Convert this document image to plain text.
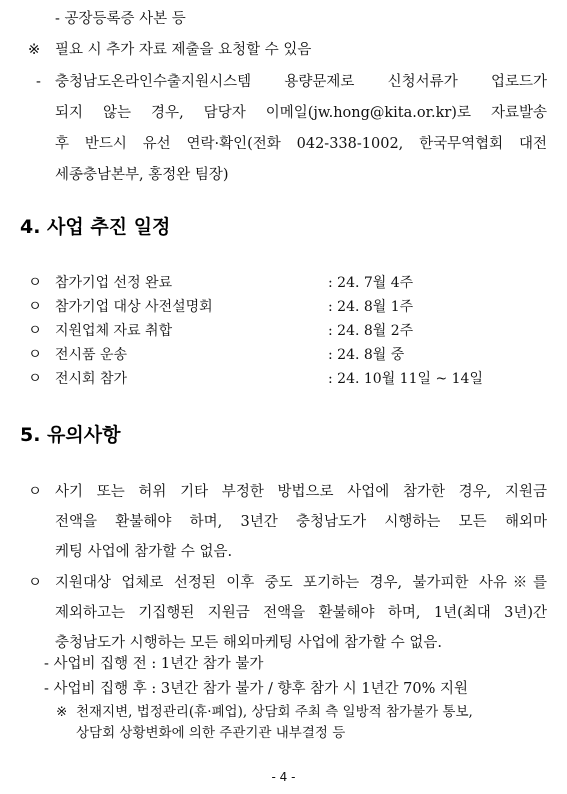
- 공장등록증 사본 등
※ 필요 시 추가 자료 제출을 요청할 수 있음
- 충청남도온라인수출지원시스템 용량문제로 신청서류가 업로드가
되지 않는 경우, 담당자 이메일(jw.hong@kita.or.kr)로 자료발송
후 반드시 유선 연락·확인(전화 042-338-1002, 한국무역협회 대전
세종충남본부, 홍정완 팀장)
4. 사업 추진 일정
ㅇ 참가기업 선정 완료	: 24. 7월 4주
ㅇ 참가기업 대상 사전설명회	: 24. 8월 1주
ㅇ 지원업체 자료 취합	: 24. 8월 2주
ㅇ 전시품 운송	: 24. 8월 중
ㅇ 전시회 참가	: 24. 10월 11일 ~ 14일
5. 유의사항
ㅇ 사기 또는 허위 기타 부정한 방법으로 사업에 참가한 경우, 지원금
전액을 환불해야 하며, 3년간 충청남도가 시행하는 모든 해외마
케팅 사업에 참가할 수 없음.
ㅇ 지원대상 업체로 선정된 이후 중도 포기하는 경우, 불가피한 사유※를
제외하고는 기집행된 지원금 전액을 환불해야 하며, 1년(최대 3년)간
충청남도가 시행하는 모든 해외마케팅 사업에 참가할 수 없음.
- 사업비 집행 전 : 1년간 참가 불가
- 사업비 집행 후 : 3년간 참가 불가 / 향후 참가 시 1년간 70% 지원
※ 천재지변, 법정관리(휴·폐업), 상담회 주최 측 일방적 참가불가 통보,
상담회 상황변화에 의한 주관기관 내부결정 등
- 4 -
